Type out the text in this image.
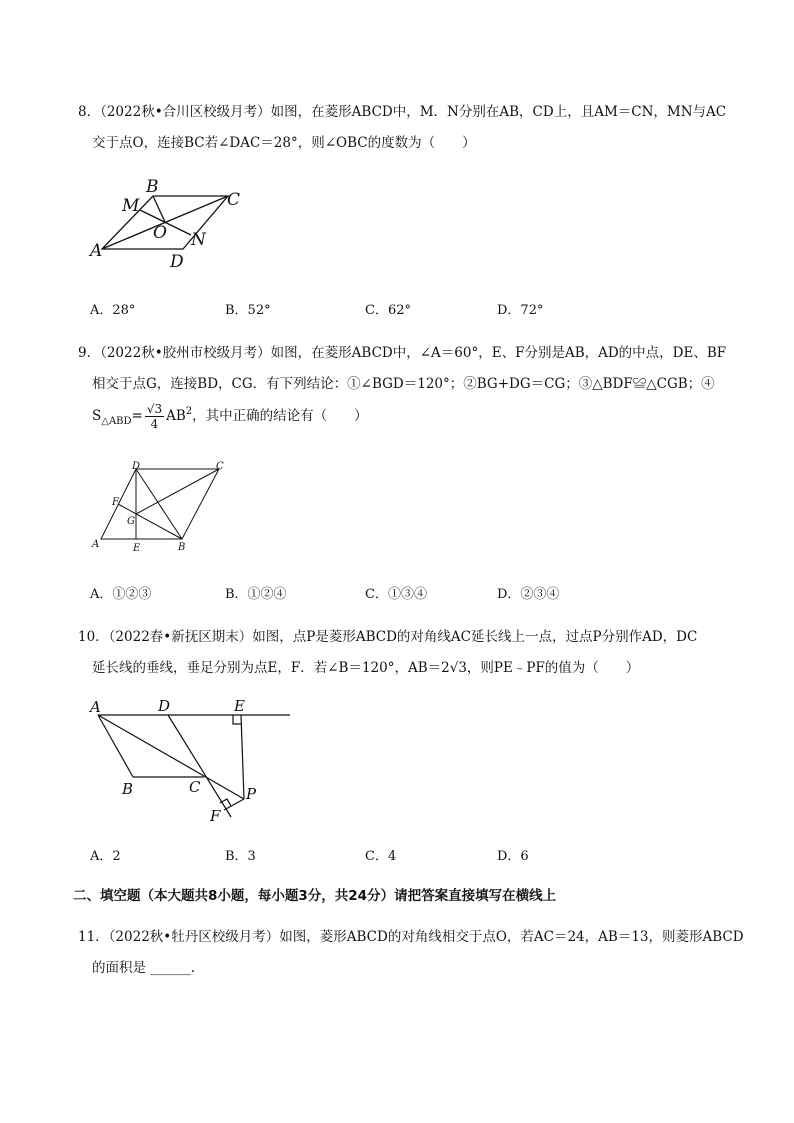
8．（2022秋•合川区校级月考）如图，在菱形ABCD中，M．N分别在AB，CD上，且AM＝CN，MN与AC
交于点O，连接BC若∠DAC＝28°，则∠OBC的度数为（　　）
A
B
C
D
M
N
O
A．28°	B．52°	C．62°	D．72°
9．（2022秋•胶州市校级月考）如图，在菱形ABCD中，∠A＝60°，E、F分别是AB，AD的中点，DE、BF
相交于点G，连接BD，CG．有下列结论：①∠BGD＝120°；②BG+DG＝CG；③△BDF≌△CGB；④
$S_{\triangle ABD}= \frac{√3}{4} AB^2$，其中正确的结论有（　　）
A	B
C
D
E
F
G
A．①②③	B．①②④	C．①③④	D．②③④
10．（2022春•新抚区期末）如图，点P是菱形ABCD的对角线AC延长线上一点，过点P分别作AD，DC
延长线的垂线，垂足分别为点E，F．若∠B＝120°，AB＝2√3，则PE﹣PF的值为（　　）
A
B	C
D	E
F
P
A．2	B．3	C．4	D．6
二、填空题（本大题共8小题，每小题3分，共24分）请把答案直接填写在横线上
11．（2022秋•牡丹区校级月考）如图，菱形ABCD的对角线相交于点O，若AC＝24，AB＝13，则菱形ABCD
的面积是 ______.
